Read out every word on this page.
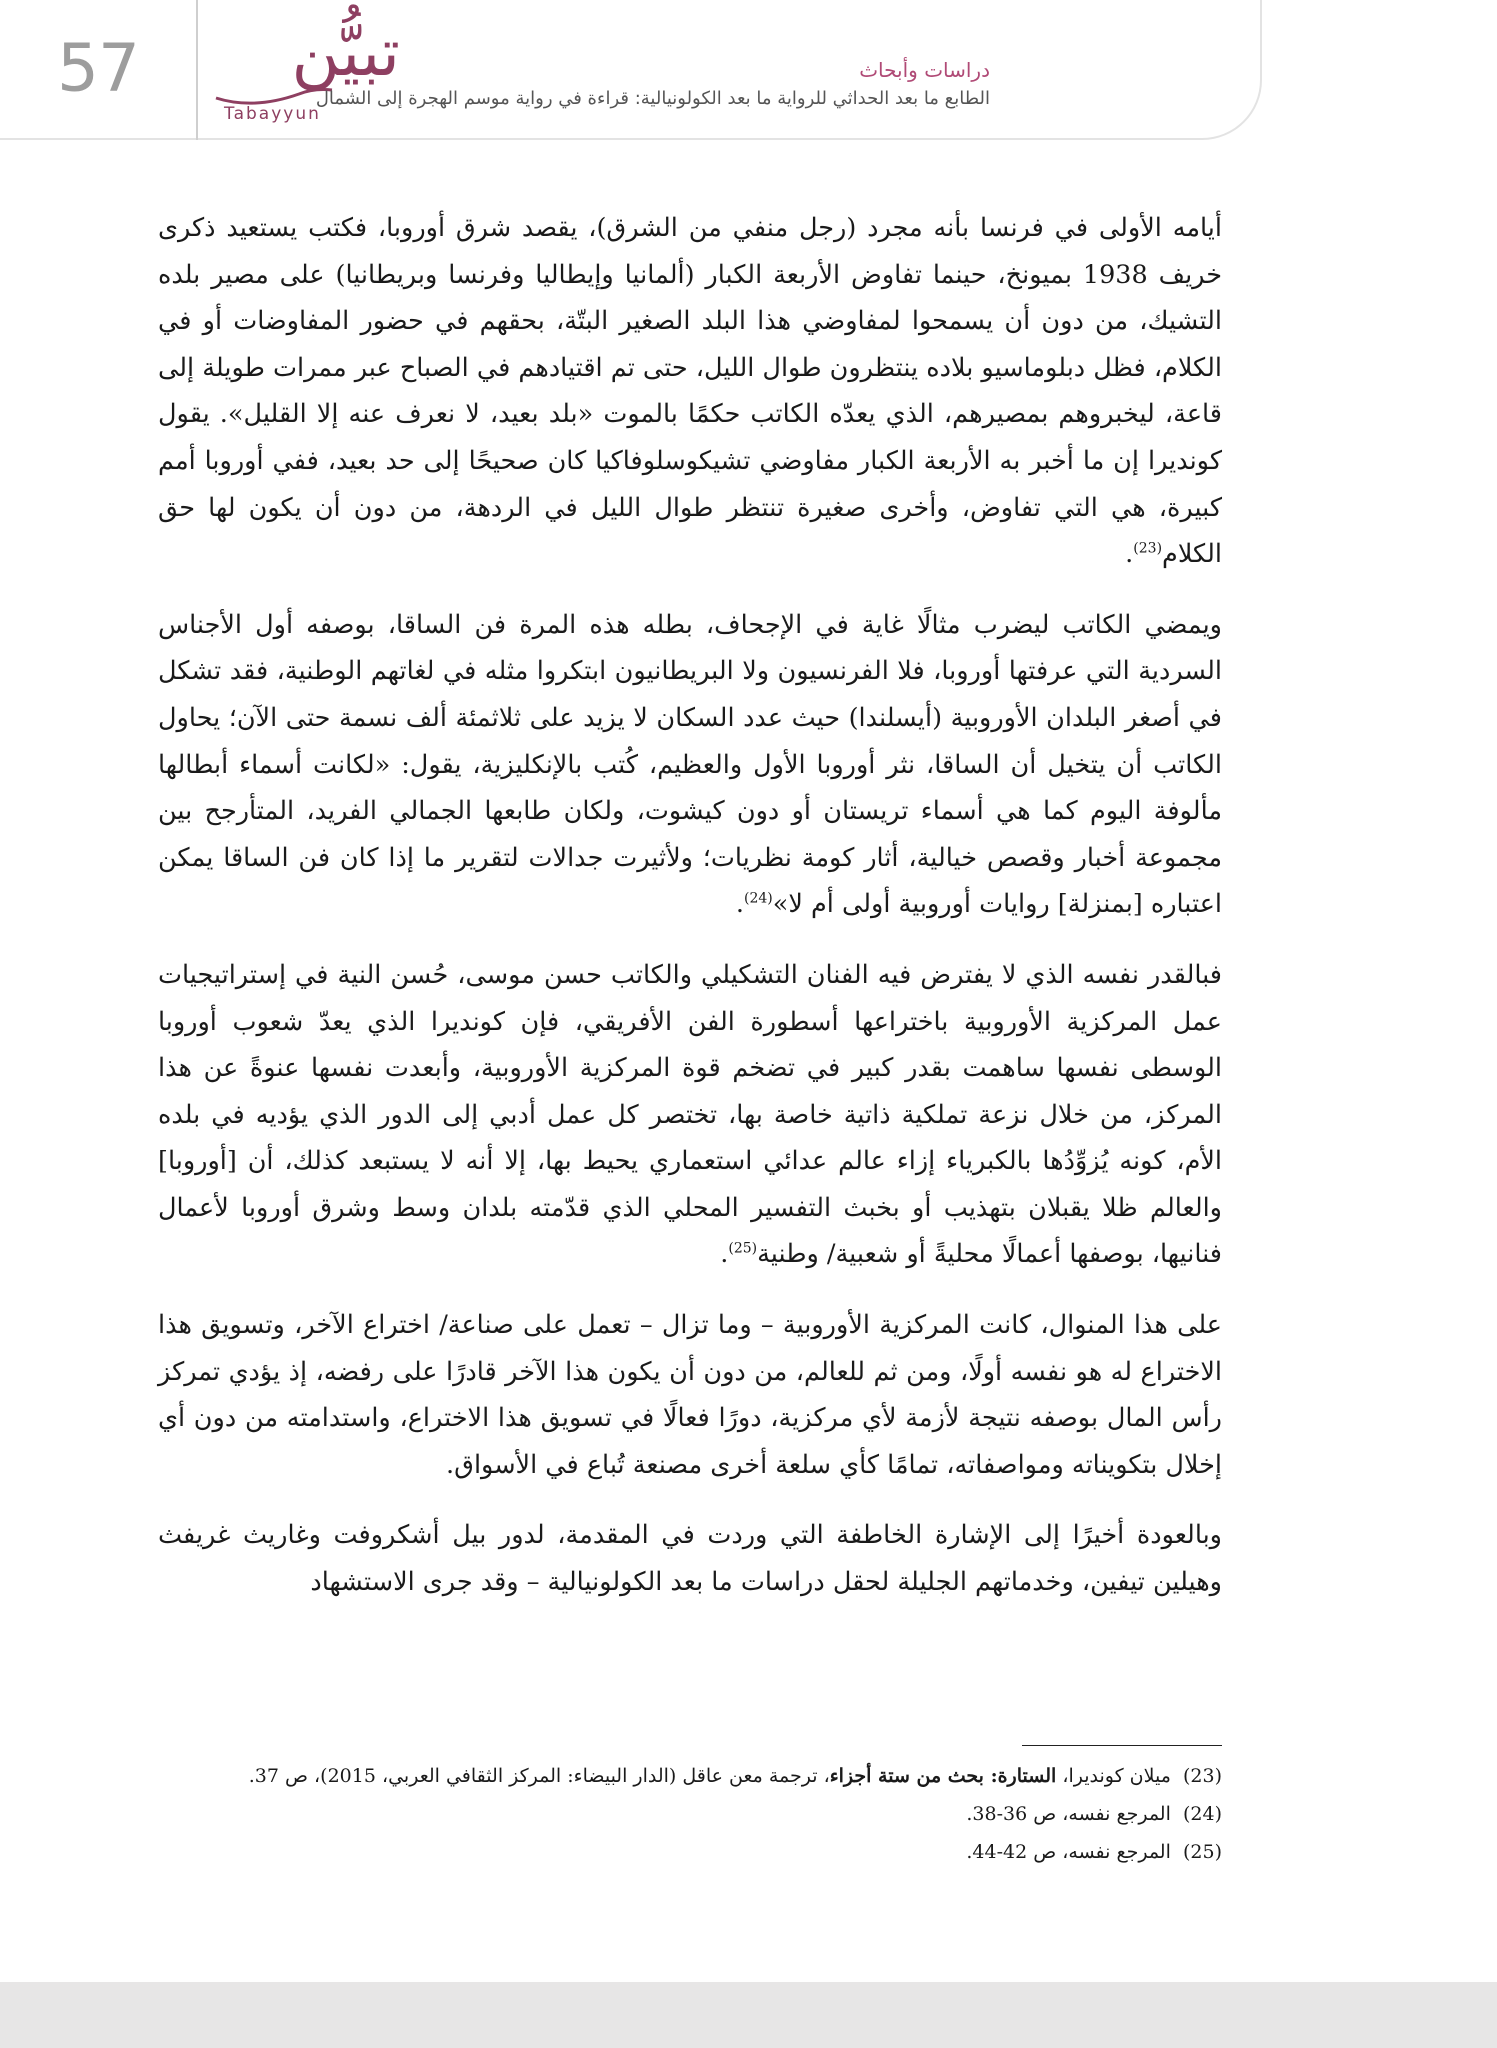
57 تبيُّن
Tabayyun
دراسات وأبحاث
الطابع ما بعد الحداثي للرواية ما بعد الكولونيالية: قراءة في رواية موسم الهجرة إلى الشمال

أيامه الأولى في فرنسا بأنه مجرد (رجل منفي من الشرق)، يقصد شرق أوروبا، فكتب يستعيد ذكرى خريف 1938 بميونخ، حينما تفاوض الأربعة الكبار (ألمانيا وإيطاليا وفرنسا وبريطانيا) على مصير بلده التشيك، من دون أن يسمحوا لمفاوضي هذا البلد الصغير البتّة، بحقهم في حضور المفاوضات أو في الكلام، فظل دبلوماسيو بلاده ينتظرون طوال الليل، حتى تم اقتيادهم في الصباح عبر ممرات طويلة إلى قاعة، ليخبروهم بمصيرهم، الذي يعدّه الكاتب حكمًا بالموت «بلد بعيد، لا نعرف عنه إلا القليل». يقول كونديرا إن ما أخبر به الأربعة الكبار مفاوضي تشيكوسلوفاكيا كان صحيحًا إلى حد بعيد، ففي أوروبا أمم كبيرة، هي التي تفاوض، وأخرى صغيرة تنتظر طوال الليل في الردهة، من دون أن يكون لها حق الكلام$^{(23)}$.

ويمضي الكاتب ليضرب مثالًا غاية في الإجحاف، بطله هذه المرة فن الساقا، بوصفه أول الأجناس السردية التي عرفتها أوروبا، فلا الفرنسيون ولا البريطانيون ابتكروا مثله في لغاتهم الوطنية، فقد تشكل في أصغر البلدان الأوروبية (أيسلندا) حيث عدد السكان لا يزيد على ثلاثمئة ألف نسمة حتى الآن؛ يحاول الكاتب أن يتخيل أن الساقا، نثر أوروبا الأول والعظيم، كُتب بالإنكليزية، يقول: «لكانت أسماء أبطالها مألوفة اليوم كما هي أسماء تريستان أو دون كيشوت، ولكان طابعها الجمالي الفريد، المتأرجح بين مجموعة أخبار وقصص خيالية، أثار كومة نظريات؛ ولأثيرت جدالات لتقرير ما إذا كان فن الساقا يمكن اعتباره [بمنزلة] روايات أوروبية أولى أم لا»$^{(24)}$.

فبالقدر نفسه الذي لا يفترض فيه الفنان التشكيلي والكاتب حسن موسى، حُسن النية في إستراتيجيات عمل المركزية الأوروبية باختراعها أسطورة الفن الأفريقي، فإن كونديرا الذي يعدّ شعوب أوروبا الوسطى نفسها ساهمت بقدر كبير في تضخم قوة المركزية الأوروبية، وأبعدت نفسها عنوةً عن هذا المركز، من خلال نزعة تملكية ذاتية خاصة بها، تختصر كل عمل أدبي إلى الدور الذي يؤديه في بلده الأم، كونه يُزوِّدُها بالكبرياء إزاء عالم عدائي استعماري يحيط بها، إلا أنه لا يستبعد كذلك، أن [أوروبا] والعالم ظلا يقبلان بتهذيب أو بخبث التفسير المحلي الذي قدّمته بلدان وسط وشرق أوروبا لأعمال فنانيها، بوصفها أعمالًا محليةً أو شعبية/ وطنية$^{(25)}$.

على هذا المنوال، كانت المركزية الأوروبية – وما تزال – تعمل على صناعة/ اختراع الآخر، وتسويق هذا الاختراع له هو نفسه أولًا، ومن ثم للعالم، من دون أن يكون هذا الآخر قادرًا على رفضه، إذ يؤدي تمركز رأس المال بوصفه نتيجة لأزمة لأي مركزية، دورًا فعالًا في تسويق هذا الاختراع، واستدامته من دون أي إخلال بتكويناته ومواصفاته، تمامًا كأي سلعة أخرى مصنعة تُباع في الأسواق.

وبالعودة أخيرًا إلى الإشارة الخاطفة التي وردت في المقدمة، لدور بيل أشكروفت وغاريث غريفث وهيلين تيفين، وخدماتهم الجليلة لحقل دراسات ما بعد الكولونيالية – وقد جرى الاستشهاد

(23)  ميلان كونديرا، الستارة: بحث من ستة أجزاء، ترجمة معن عاقل (الدار البيضاء: المركز الثقافي العربي، 2015)، ص 37.

(24)  المرجع نفسه، ص 36-38.

(25)  المرجع نفسه، ص 42-44.
